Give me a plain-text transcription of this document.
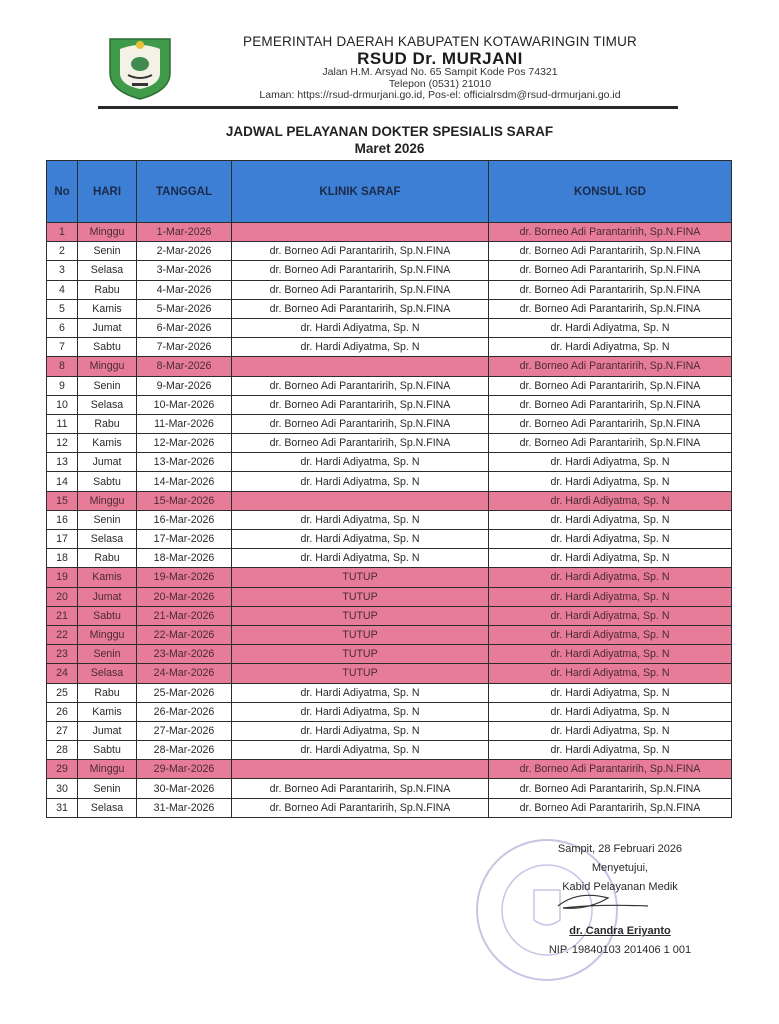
PEMERINTAH DAERAH KABUPATEN KOTAWARINGIN TIMUR
RSUD Dr. MURJANI
Jalan H.M. Arsyad No. 65 Sampit Kode Pos 74321
Telepon (0531) 21010
Laman: https://rsud-drmurjani.go.id, Pos-el: officialrsdm@rsud-drmurjani.go.id
JADWAL PELAYANAN DOKTER SPESIALIS SARAF
Maret 2026
No	HARI	TANGGAL	KLINIK SARAF	KONSUL IGD
1	Minggu	1-Mar-2026		dr. Borneo Adi Parantaririh, Sp.N.FINA
2	Senin	2-Mar-2026	dr. Borneo Adi Parantaririh, Sp.N.FINA	dr. Borneo Adi Parantaririh, Sp.N.FINA
3	Selasa	3-Mar-2026	dr. Borneo Adi Parantaririh, Sp.N.FINA	dr. Borneo Adi Parantaririh, Sp.N.FINA
4	Rabu	4-Mar-2026	dr. Borneo Adi Parantaririh, Sp.N.FINA	dr. Borneo Adi Parantaririh, Sp.N.FINA
5	Kamis	5-Mar-2026	dr. Borneo Adi Parantaririh, Sp.N.FINA	dr. Borneo Adi Parantaririh, Sp.N.FINA
6	Jumat	6-Mar-2026	dr. Hardi Adiyatma, Sp. N	dr. Hardi Adiyatma, Sp. N
7	Sabtu	7-Mar-2026	dr. Hardi Adiyatma, Sp. N	dr. Hardi Adiyatma, Sp. N
8	Minggu	8-Mar-2026		dr. Borneo Adi Parantaririh, Sp.N.FINA
9	Senin	9-Mar-2026	dr. Borneo Adi Parantaririh, Sp.N.FINA	dr. Borneo Adi Parantaririh, Sp.N.FINA
10	Selasa	10-Mar-2026	dr. Borneo Adi Parantaririh, Sp.N.FINA	dr. Borneo Adi Parantaririh, Sp.N.FINA
11	Rabu	11-Mar-2026	dr. Borneo Adi Parantaririh, Sp.N.FINA	dr. Borneo Adi Parantaririh, Sp.N.FINA
12	Kamis	12-Mar-2026	dr. Borneo Adi Parantaririh, Sp.N.FINA	dr. Borneo Adi Parantaririh, Sp.N.FINA
13	Jumat	13-Mar-2026	dr. Hardi Adiyatma, Sp. N	dr. Hardi Adiyatma, Sp. N
14	Sabtu	14-Mar-2026	dr. Hardi Adiyatma, Sp. N	dr. Hardi Adiyatma, Sp. N
15	Minggu	15-Mar-2026		dr. Hardi Adiyatma, Sp. N
16	Senin	16-Mar-2026	dr. Hardi Adiyatma, Sp. N	dr. Hardi Adiyatma, Sp. N
17	Selasa	17-Mar-2026	dr. Hardi Adiyatma, Sp. N	dr. Hardi Adiyatma, Sp. N
18	Rabu	18-Mar-2026	dr. Hardi Adiyatma, Sp. N	dr. Hardi Adiyatma, Sp. N
19	Kamis	19-Mar-2026	TUTUP	dr. Hardi Adiyatma, Sp. N
20	Jumat	20-Mar-2026	TUTUP	dr. Hardi Adiyatma, Sp. N
21	Sabtu	21-Mar-2026	TUTUP	dr. Hardi Adiyatma, Sp. N
22	Minggu	22-Mar-2026	TUTUP	dr. Hardi Adiyatma, Sp. N
23	Senin	23-Mar-2026	TUTUP	dr. Hardi Adiyatma, Sp. N
24	Selasa	24-Mar-2026	TUTUP	dr. Hardi Adiyatma, Sp. N
25	Rabu	25-Mar-2026	dr. Hardi Adiyatma, Sp. N	dr. Hardi Adiyatma, Sp. N
26	Kamis	26-Mar-2026	dr. Hardi Adiyatma, Sp. N	dr. Hardi Adiyatma, Sp. N
27	Jumat	27-Mar-2026	dr. Hardi Adiyatma, Sp. N	dr. Hardi Adiyatma, Sp. N
28	Sabtu	28-Mar-2026	dr. Hardi Adiyatma, Sp. N	dr. Hardi Adiyatma, Sp. N
29	Minggu	29-Mar-2026		dr. Borneo Adi Parantaririh, Sp.N.FINA
30	Senin	30-Mar-2026	dr. Borneo Adi Parantaririh, Sp.N.FINA	dr. Borneo Adi Parantaririh, Sp.N.FINA
31	Selasa	31-Mar-2026	dr. Borneo Adi Parantaririh, Sp.N.FINA	dr. Borneo Adi Parantaririh, Sp.N.FINA
Sampit, 28 Februari 2026
Menyetujui,
Kabid Pelayanan Medik
dr. Candra Eriyanto
NIP. 19840103 201406 1 001
